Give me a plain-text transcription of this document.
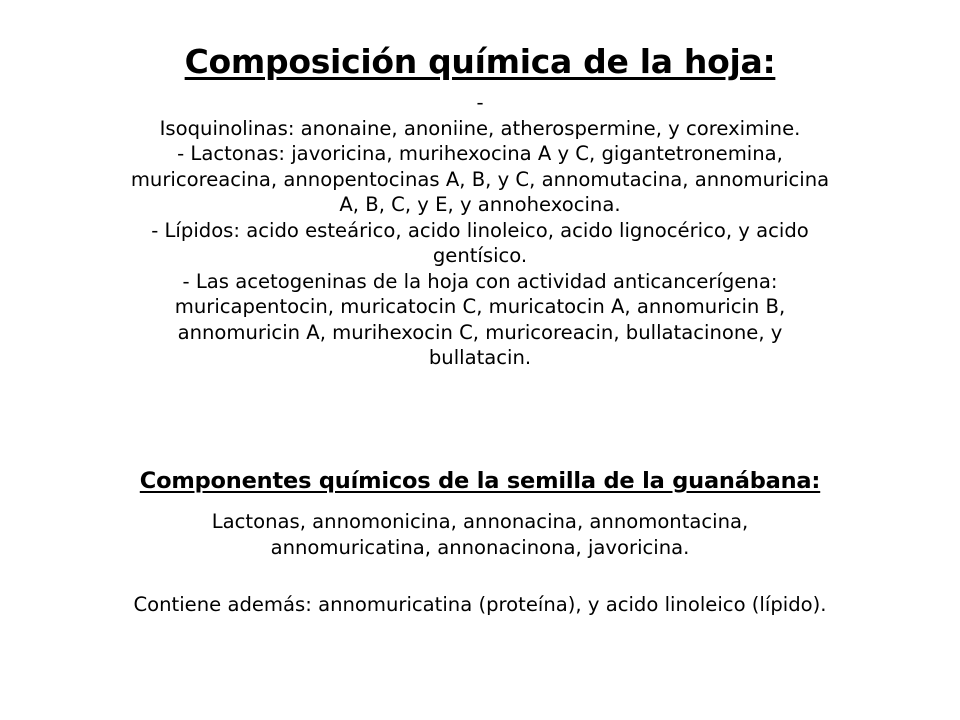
Composición química de la hoja:

-

Isoquinolinas: anonaine, anoniine, atherospermine, y coreximine.

- Lactonas: javoricina, murihexocina A y C, gigantetronemina,

muricoreacina, annopentocinas A, B, y C, annomutacina, annomuricina

A, B, C, y E, y annohexocina.

- Lípidos: acido esteárico, acido linoleico, acido lignocérico, y acido

gentísico.

- Las acetogeninas de la hoja con actividad anticancerígena:

muricapentocin, muricatocin C, muricatocin A, annomuricin B,

annomuricin A, murihexocin C, muricoreacin, bullatacinone, y

bullatacin.

Componentes químicos de la semilla de la guanábana:

Lactonas, annomonicina, annonacina, annomontacina,

annomuricatina, annonacinona, javoricina.

Contiene además: annomuricatina (proteína), y acido linoleico (lípido).
